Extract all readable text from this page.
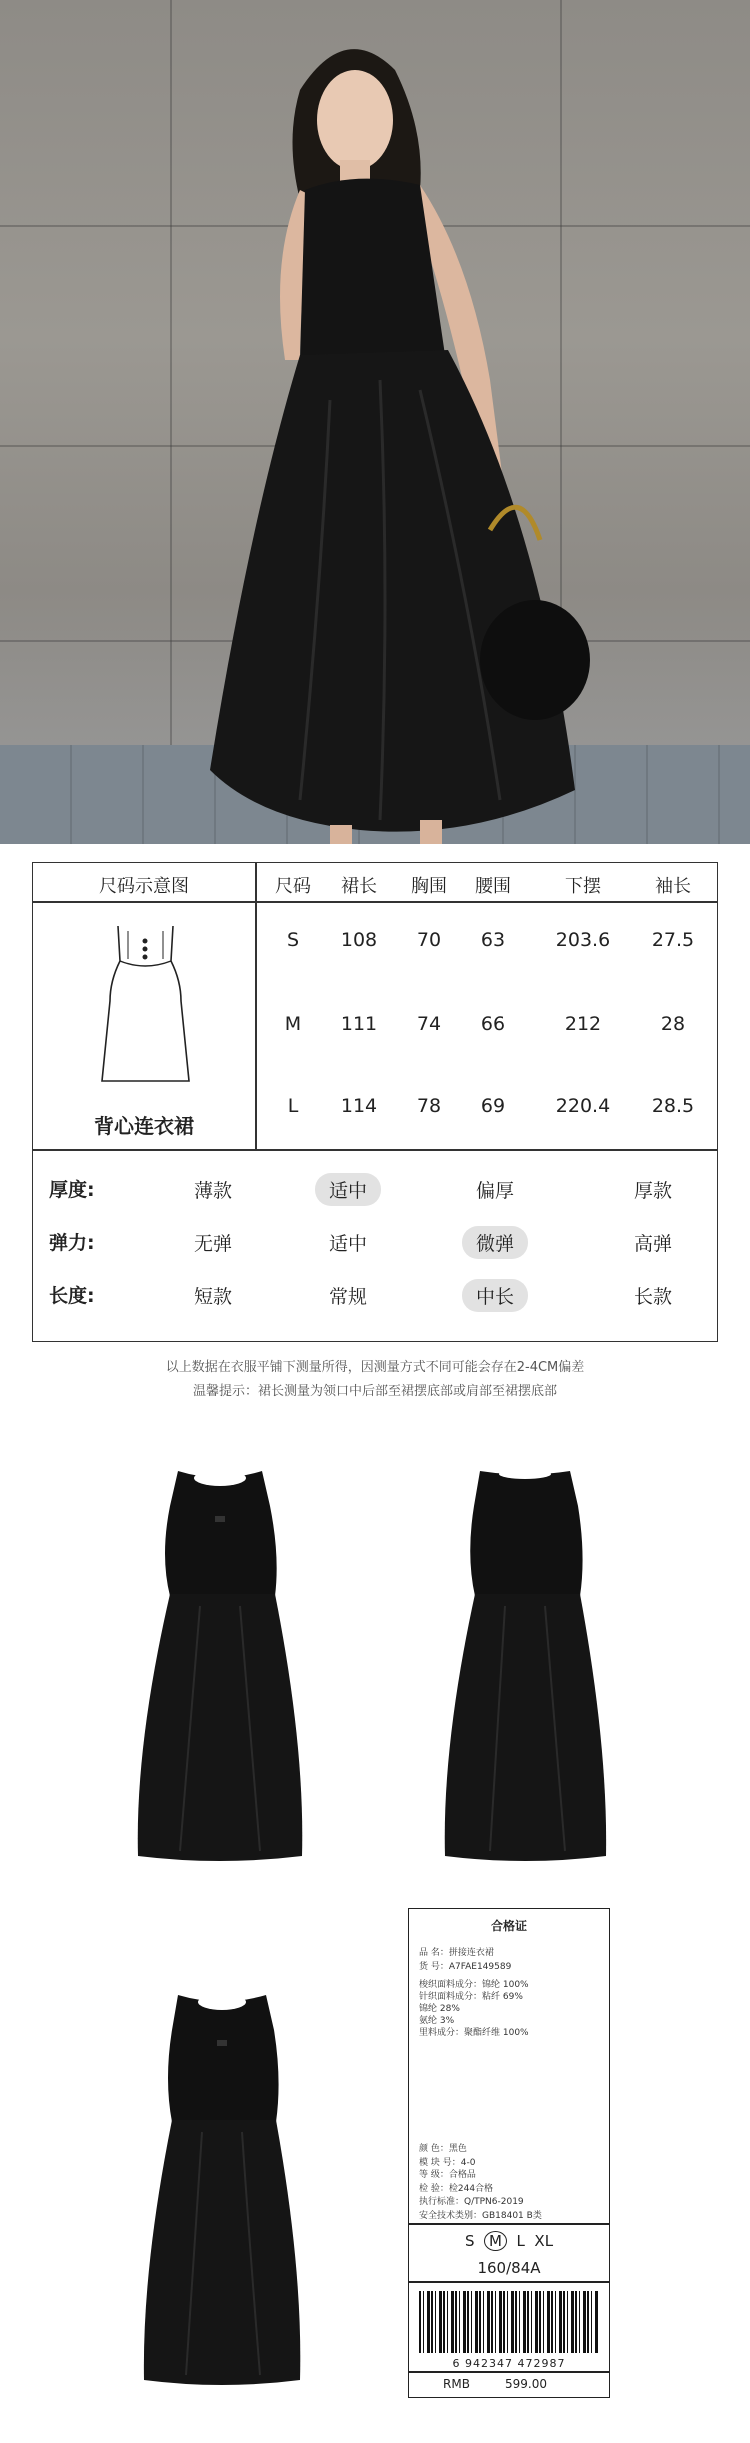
尺码示意图
背心连衣裙
尺码	裙长	胸围	腰围	下摆	袖长
S	108	70	63	203.6	27.5
M	111	74	66	212	28
L	114	78	69	220.4	28.5
厚度:	薄款	适中	偏厚	厚款
弹力:	无弹	适中	微弹	高弹
长度:	短款	常规	中长	长款
以上数据在衣服平铺下测量所得，因测量方式不同可能会存在2-4CM偏差
温馨提示：裙长测量为领口中后部至裙摆底部或肩部至裙摆底部
合格证
品 名：拼接连衣裙
货 号：A7FAE149589
梭织面料成分：锦纶 100%
针织面料成分：粘纤 69%
锦纶 28%
氨纶 3%
里料成分：聚酯纤维 100%
颜 色：黑色
模 块 号：4-0
等 级：合格品
检 验：检244合格
执行标准：Q/TPN6-2019
安全技术类别：GB18401 B类
S M L XL
160/84A
6 942347 472987
RMB	599.00
